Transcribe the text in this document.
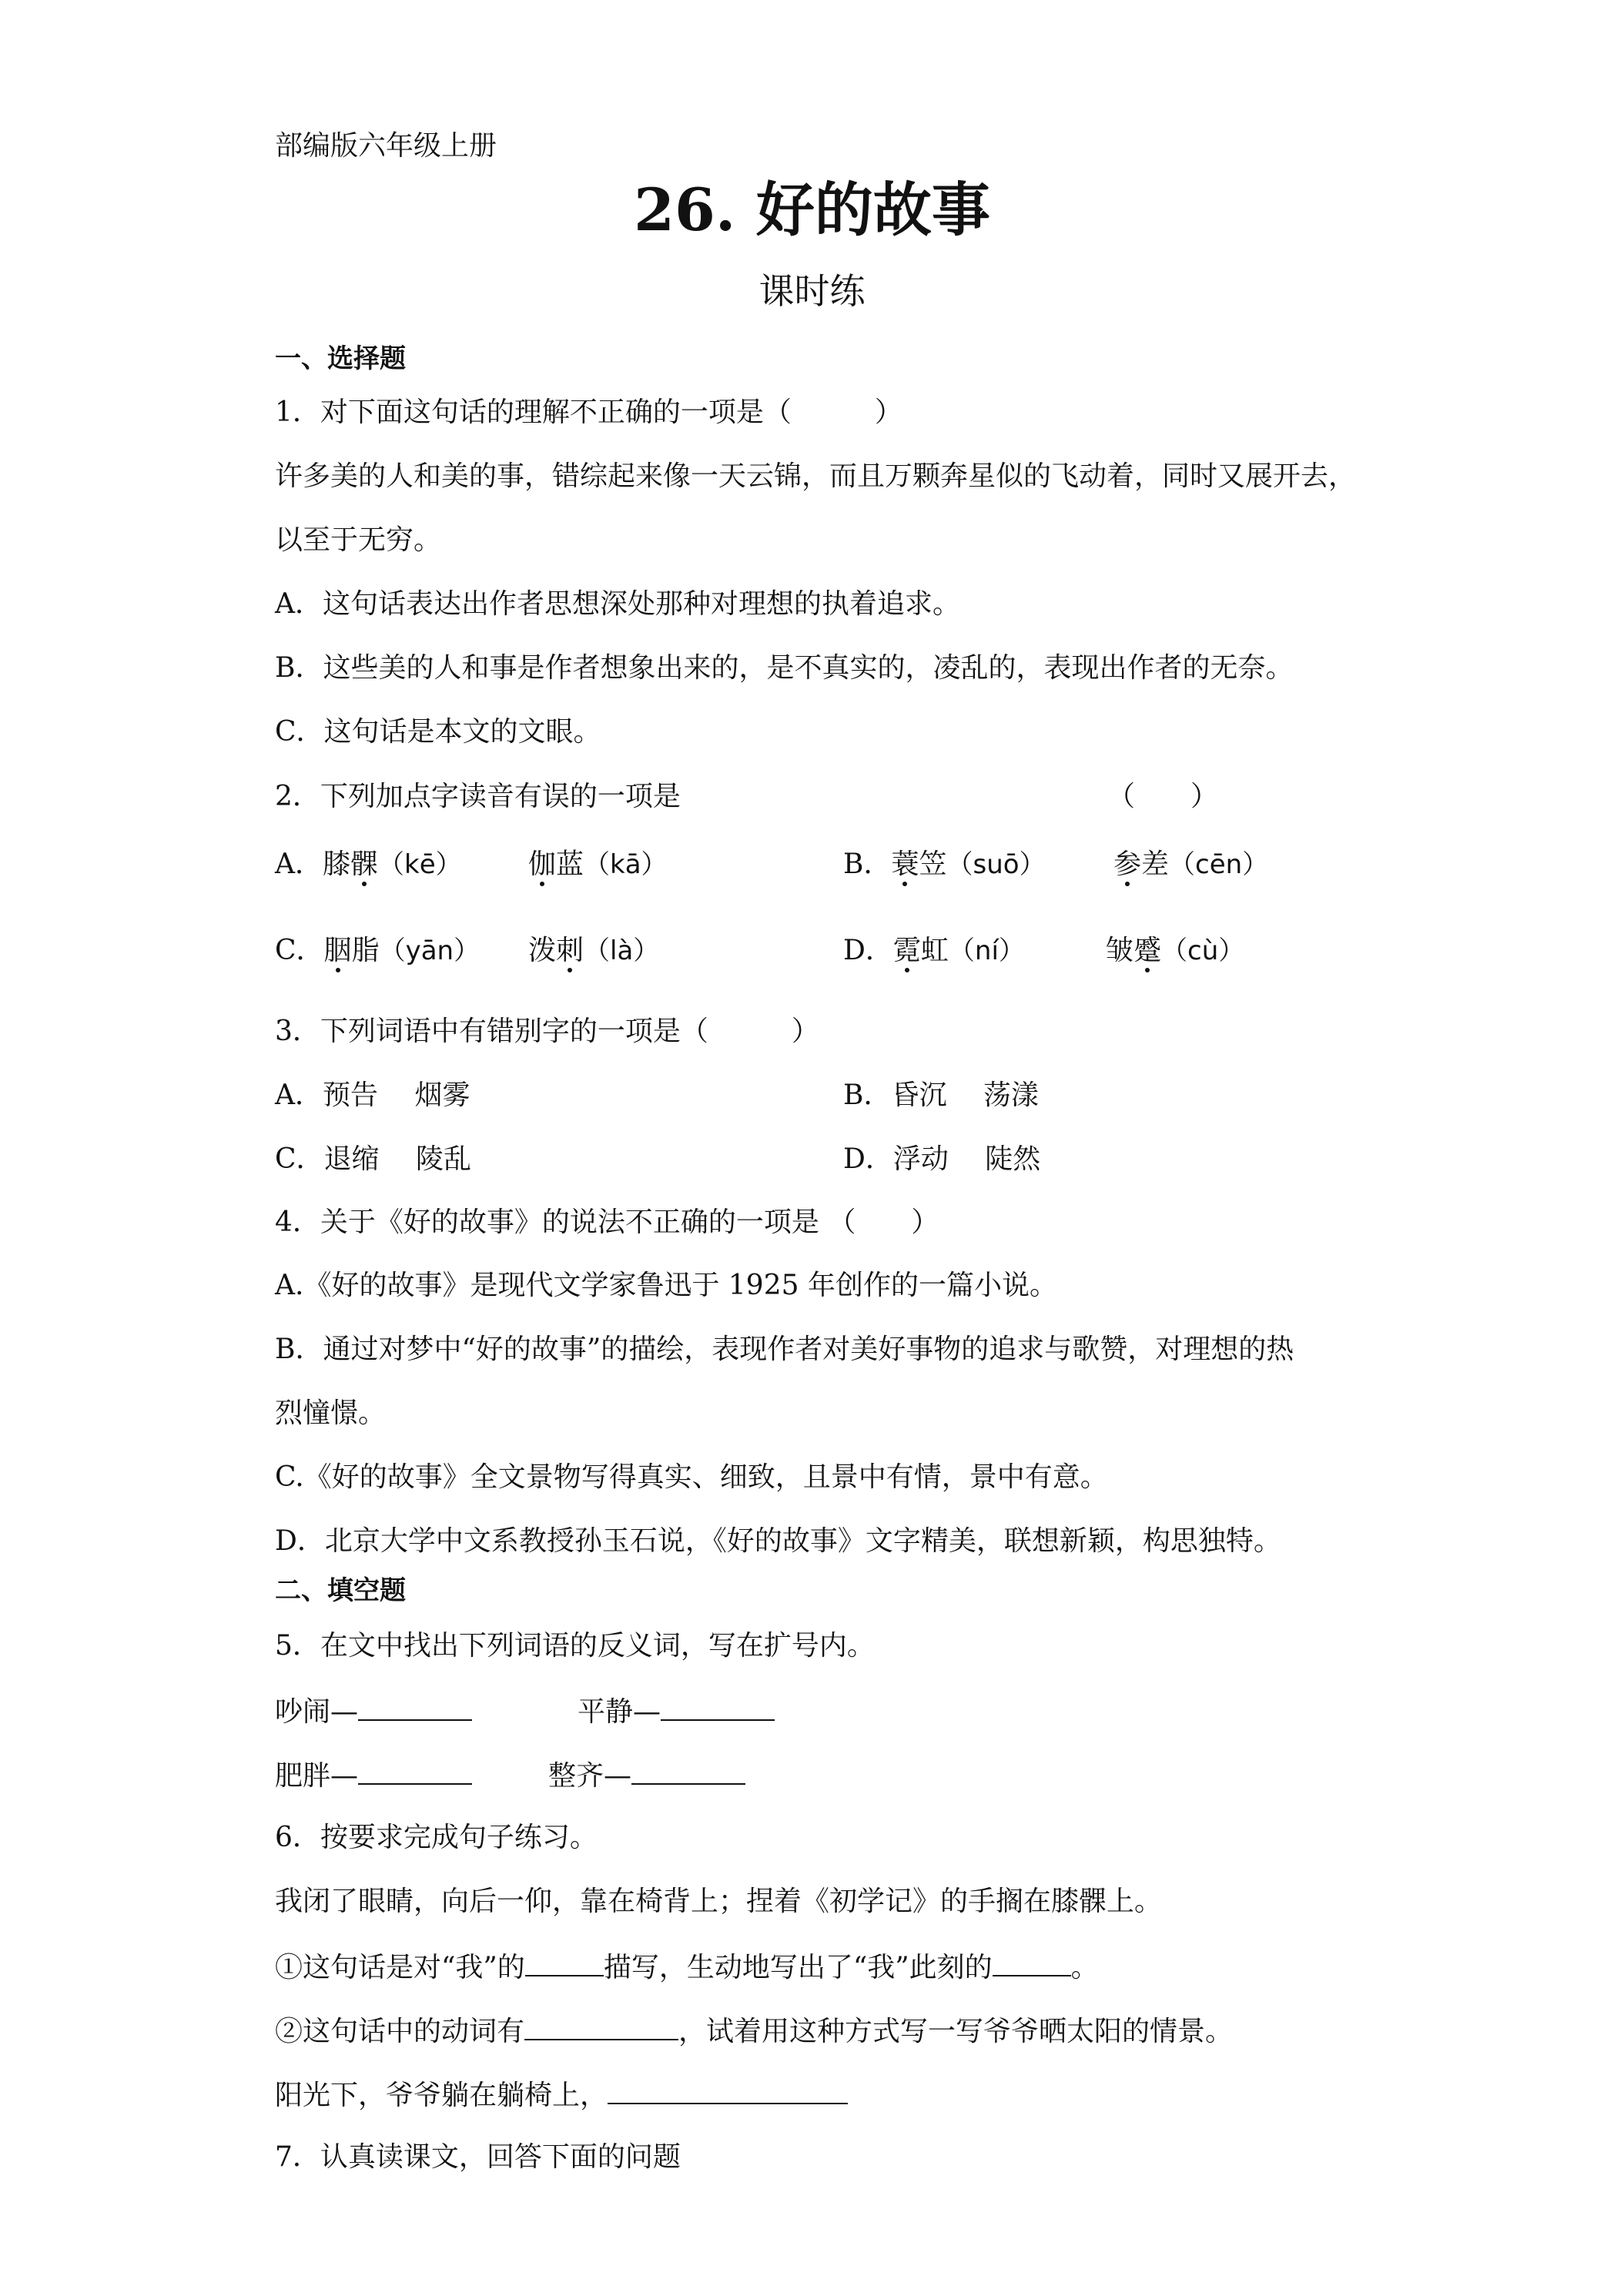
部编版六年级上册
26. 好的故事
课时练
一、选择题
1．对下面这句话的理解不正确的一项是（　　　）
许多美的人和美的事，错综起来像一天云锦，而且万颗奔星似的飞动着，同时又展开去，
以至于无穷。
A．这句话表达出作者思想深处那种对理想的执着追求。
B．这些美的人和事是作者想象出来的，是不真实的，凌乱的，表现出作者的无奈。
C．这句话是本文的文眼。
2．下列加点字读音有误的一项是	（　　）
A．膝髁（kē） 伽蓝（kā）	B．蓑笠（suō） 参差（cēn）
C．胭脂（yān） 泼刺（là）	D．霓虹（ní）	皱蹙（cù）
3．下列词语中有错别字的一项是（　　　）
A．预告　 烟雾	B．昏沉　 荡漾
C．退缩　 陵乱	D．浮动　 陡然
4．关于《好的故事》的说法不正确的一项是 （　　）
A.《好的故事》是现代文学家鲁迅于 1925 年创作的一篇小说。
B．通过对梦中“好的故事”的描绘，表现作者对美好事物的追求与歌赞，对理想的热
烈憧憬。
C.《好的故事》全文景物写得真实、细致，且景中有情，景中有意。
D．北京大学中文系教授孙玉石说，《好的故事》文字精美，联想新颖，构思独特。
二、填空题
5．在文中找出下列词语的反义词，写在扩号内。
吵闹—	平静—
肥胖—	整齐—
6．按要求完成句子练习。
我闭了眼睛，向后一仰，靠在椅背上；捏着《初学记》的手搁在膝髁上。
①这句话是对“我”的	描写，生动地写出了“我”此刻的	。
②这句话中的动词有	，试着用这种方式写一写爷爷晒太阳的情景。
阳光下，爷爷躺在躺椅上，
7．认真读课文，回答下面的问题
